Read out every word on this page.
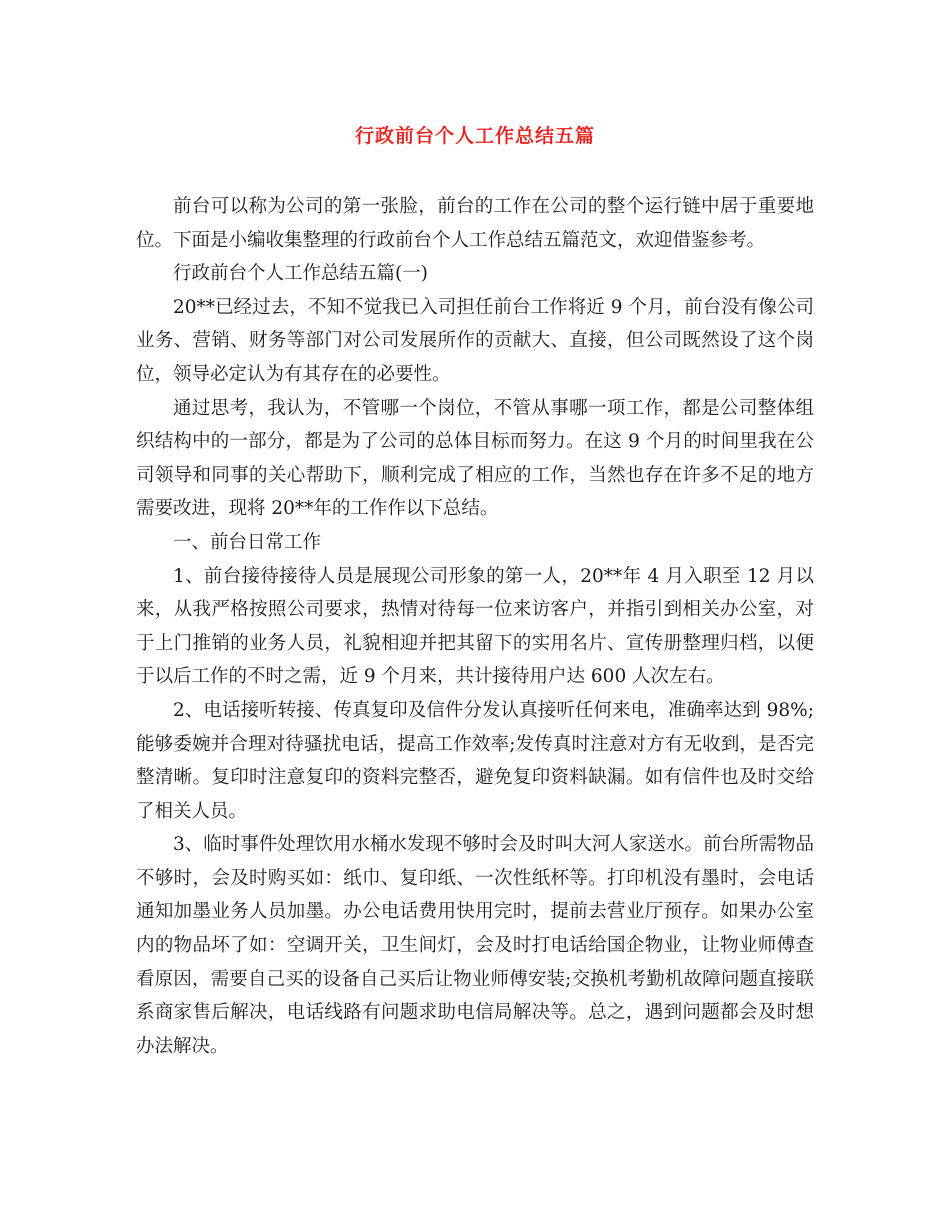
行政前台个人工作总结五篇

前台可以称为公司的第一张脸，前台的工作在公司的整个运行链中居于重要地位。下面是小编收集整理的行政前台个人工作总结五篇范文，欢迎借鉴参考。

行政前台个人工作总结五篇(一)

20**已经过去，不知不觉我已入司担任前台工作将近 9 个月，前台没有像公司业务、营销、财务等部门对公司发展所作的贡献大、直接，但公司既然设了这个岗位，领导必定认为有其存在的必要性。

通过思考，我认为，不管哪一个岗位，不管从事哪一项工作，都是公司整体组织结构中的一部分，都是为了公司的总体目标而努力。在这 9 个月的时间里我在公司领导和同事的关心帮助下，顺利完成了相应的工作，当然也存在许多不足的地方需要改进，现将 20**年的工作作以下总结。

一、前台日常工作

1、前台接待接待人员是展现公司形象的第一人，20**年 4 月入职至 12 月以来，从我严格按照公司要求，热情对待每一位来访客户，并指引到相关办公室，对于上门推销的业务人员，礼貌相迎并把其留下的实用名片、宣传册整理归档，以便于以后工作的不时之需，近 9 个月来，共计接待用户达 600 人次左右。

2、电话接听转接、传真复印及信件分发认真接听任何来电，准确率达到 98%;能够委婉并合理对待骚扰电话，提高工作效率;发传真时注意对方有无收到，是否完整清晰。复印时注意复印的资料完整否，避免复印资料缺漏。如有信件也及时交给了相关人员。

3、临时事件处理饮用水桶水发现不够时会及时叫大河人家送水。前台所需物品不够时，会及时购买如：纸巾、复印纸、一次性纸杯等。打印机没有墨时，会电话通知加墨业务人员加墨。办公电话费用快用完时，提前去营业厅预存。如果办公室内的物品坏了如：空调开关，卫生间灯，会及时打电话给国企物业，让物业师傅查看原因，需要自己买的设备自己买后让物业师傅安装;交换机考勤机故障问题直接联系商家售后解决，电话线路有问题求助电信局解决等。总之，遇到问题都会及时想办法解决。
